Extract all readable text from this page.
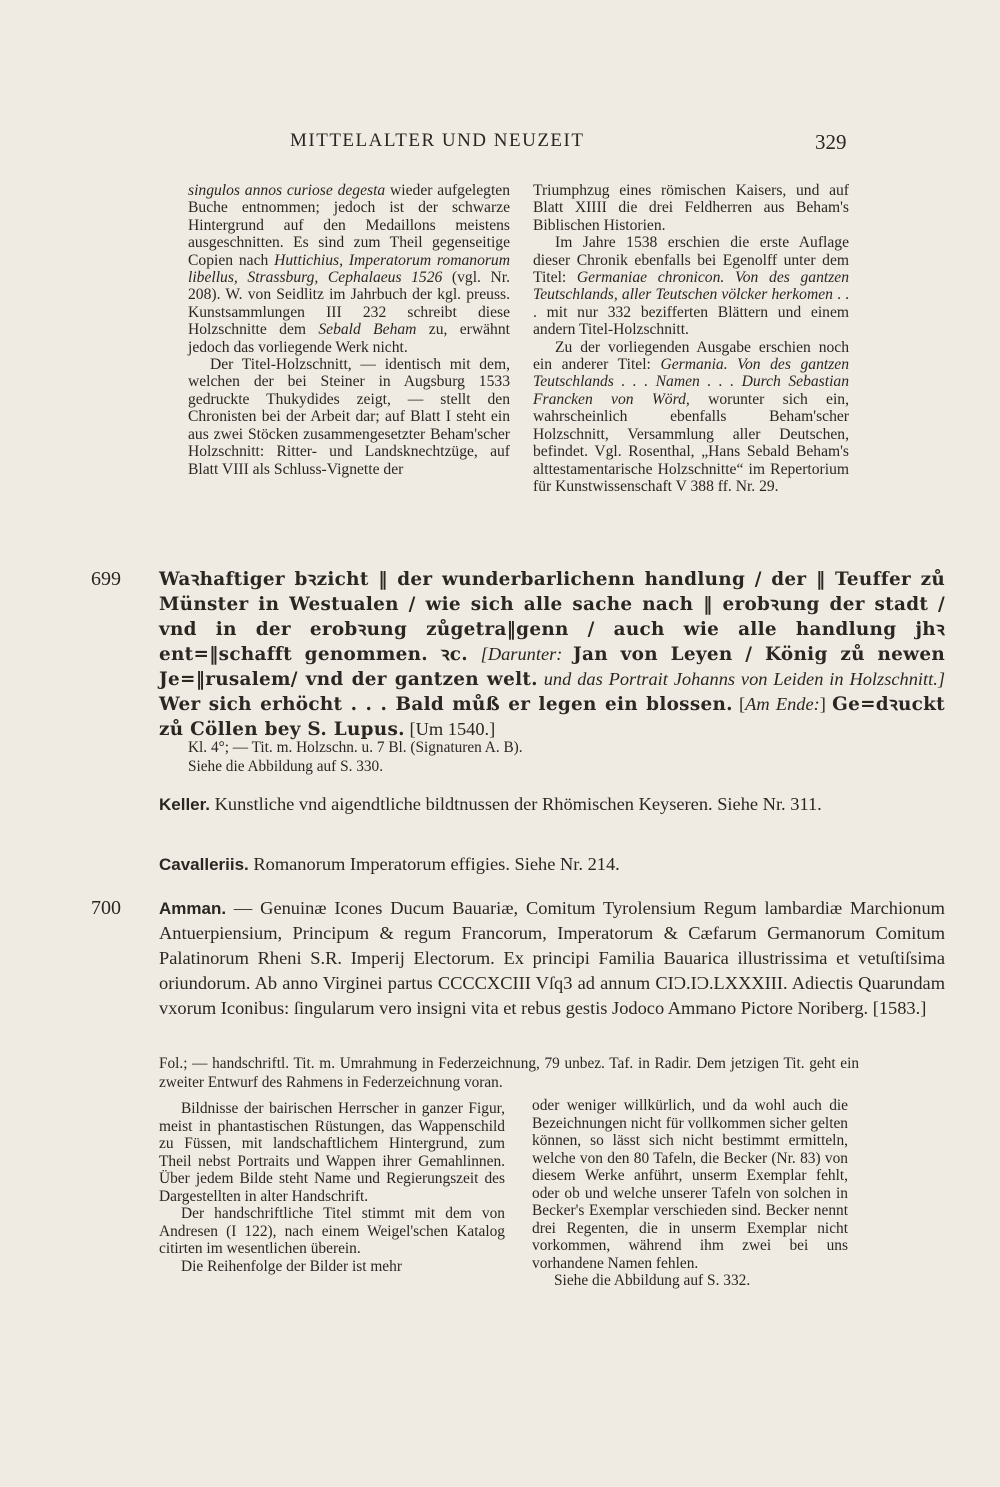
MITTELALTER UND NEUZEIT	329

singulos annos curiose degesta wieder aufgelegten Buche entnommen; jedoch ist der schwarze Hintergrund auf den Medaillons meistens ausgeschnitten. Es sind zum Theil gegenseitige Copien nach Huttichius, Imperatorum romanorum libellus, Strassburg, Cephalaeus 1526 (vgl. Nr. 208). W. von Seidlitz im Jahrbuch der kgl. preuss. Kunstsammlungen III 232 schreibt diese Holzschnitte dem Sebald Beham zu, erwähnt jedoch das vorliegende Werk nicht.

Der Titel-Holzschnitt, — identisch mit dem, welchen der bei Steiner in Augsburg 1533 gedruckte Thukydides zeigt, — stellt den Chronisten bei der Arbeit dar; auf Blatt I steht ein aus zwei Stöcken zusammengesetzter Beham'scher Holzschnitt: Ritter- und Landsknechtzüge, auf Blatt VIII als Schluss-Vignette der

Triumphzug eines römischen Kaisers, und auf Blatt XIIII die drei Feldherren aus Beham's Biblischen Historien.

Im Jahre 1538 erschien die erste Auflage dieser Chronik ebenfalls bei Egenolff unter dem Titel: Germaniae chronicon. Von des gantzen Teutschlands, aller Teutschen völcker herkomen . . . mit nur 332 bezifferten Blättern und einem andern Titel-Holzschnitt.

Zu der vorliegenden Ausgabe erschien noch ein anderer Titel: Germania. Von des gantzen Teutschlands . . . Namen . . . Durch Sebastian Francken von Wörd, worunter sich ein, wahrscheinlich ebenfalls Beham'scher Holzschnitt, Versammlung aller Deutschen, befindet. Vgl. Rosenthal, „Hans Sebald Beham's alttestamentarische Holzschnitte“ im Repertorium für Kunstwissenschaft V 388 ff. Nr. 29.

699 Waꝛhaftiger bꝛzicht ‖ der wunderbarlichenn handlung / der ‖ Teuffer zů Münster in Westualen / wie sich alle sache nach ‖ erobꝛung der stadt / vnd in der erobꝛung zůgetra‖genn / auch wie alle handlung jhꝛ ent=‖schafft genommen. ꝛc. [Darunter: Jan von Leyen / König zů newen Je=‖rusalem/ vnd der gantzen welt. und das Portrait Johanns von Leiden in Holzschnitt.] Wer sich erhöcht . . . Bald můß er legen ein blossen. [Am Ende:] Ge=dꝛuckt zů Cöllen bey S. Lupus. [Um 1540.]
Kl. 4°; — Tit. m. Holzschn. u. 7 Bl. (Signaturen A. B).
Siehe die Abbildung auf S. 330.
Keller. Kunstliche vnd aigendtliche bildtnussen der Rhömischen Keyseren. Siehe Nr. 311.
Cavalleriis. Romanorum Imperatorum effigies. Siehe Nr. 214.
700 Amman. — Genuinæ Icones Ducum Bauariæ, Comitum Tyrolensium Regum lambardiæ Marchionum Antuerpiensium, Principum & regum Francorum, Imperatorum & Cæfarum Germanorum Comitum Palatinorum Rheni S.R. Imperij Electorum. Ex principi Familia Bauarica illustrissima et vetuſtiſsima oriundorum. Ab anno Virginei partus CCCCXCIII Vſq3 ad annum CIƆ.IƆ.LXXXIII. Adiectis Quarundam vxorum Iconibus: ſingularum vero insigni vita et rebus gestis Jodoco Ammano Pictore Noriberg. [1583.]
Fol.; — handschriftl. Tit. m. Umrahmung in Federzeichnung, 79 unbez. Taf. in Radir. Dem jetzigen Tit. geht ein zweiter Entwurf des Rahmens in Federzeichnung voran.

Bildnisse der bairischen Herrscher in ganzer Figur, meist in phantastischen Rüstungen, das Wappenschild zu Füssen, mit landschaftlichem Hintergrund, zum Theil nebst Portraits und Wappen ihrer Gemahlinnen. Über jedem Bilde steht Name und Regierungszeit des Dargestellten in alter Handschrift.

Der handschriftliche Titel stimmt mit dem von Andresen (I 122), nach einem Weigel'schen Katalog citirten im wesentlichen überein.

Die Reihenfolge der Bilder ist mehr

oder weniger willkürlich, und da wohl auch die Bezeichnungen nicht für vollkommen sicher gelten können, so lässt sich nicht bestimmt ermitteln, welche von den 80 Tafeln, die Becker (Nr. 83) von diesem Werke anführt, unserm Exemplar fehlt, oder ob und welche unserer Tafeln von solchen in Becker's Exemplar verschieden sind. Becker nennt drei Regenten, die in unserm Exemplar nicht vorkommen, während ihm zwei bei uns vorhandene Namen fehlen.

Siehe die Abbildung auf S. 332.
